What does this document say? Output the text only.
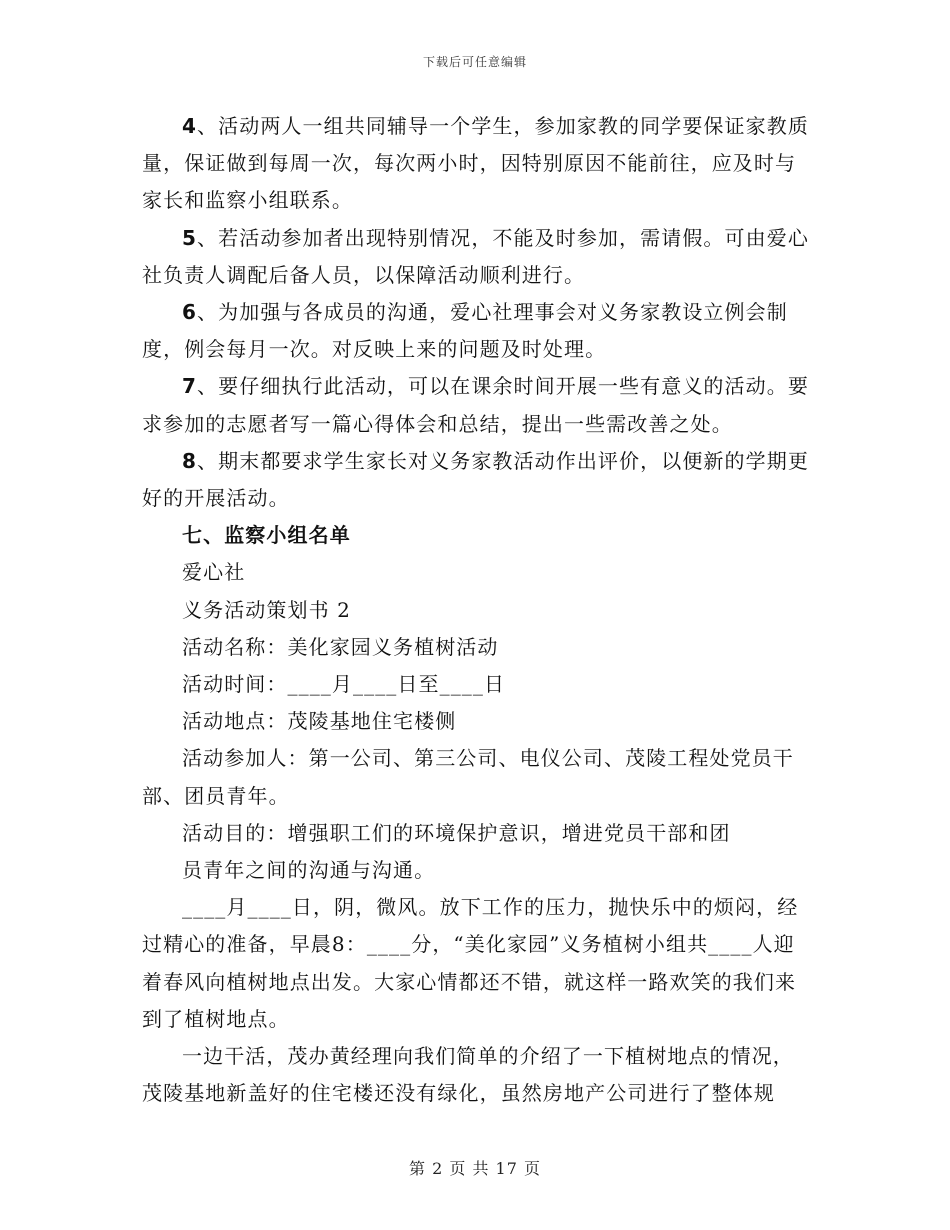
下载后可任意编辑

4、活动两人一组共同辅导一个学生，参加家教的同学要保证家教质量，保证做到每周一次，每次两小时，因特别原因不能前往，应及时与家长和监察小组联系。

5、若活动参加者出现特别情况，不能及时参加，需请假。可由爱心社负责人调配后备人员，以保障活动顺利进行。

6、为加强与各成员的沟通，爱心社理事会对义务家教设立例会制度，例会每月一次。对反映上来的问题及时处理。

7、要仔细执行此活动，可以在课余时间开展一些有意义的活动。要求参加的志愿者写一篇心得体会和总结，提出一些需改善之处。

8、期末都要求学生家长对义务家教活动作出评价，以便新的学期更好的开展活动。

七、监察小组名单

爱心社

义务活动策划书 2

活动名称：美化家园义务植树活动

活动时间：____月____日至____日

活动地点：茂陵基地住宅楼侧

活动参加人：第一公司、第三公司、电仪公司、茂陵工程处党员干部、团员青年。

活动目的：增强职工们的环境保护意识，增进党员干部和团

员青年之间的沟通与沟通。

____月____日，阴，微风。放下工作的压力，抛快乐中的烦闷，经过精心的准备，早晨8：____分，“美化家园”义务植树小组共____人迎着春风向植树地点出发。大家心情都还不错，就这样一路欢笑的我们来到了植树地点。

一边干活，茂办黄经理向我们简单的介绍了一下植树地点的情况，茂陵基地新盖好的住宅楼还没有绿化，虽然房地产公司进行了整体规

第 2 页 共 17 页
